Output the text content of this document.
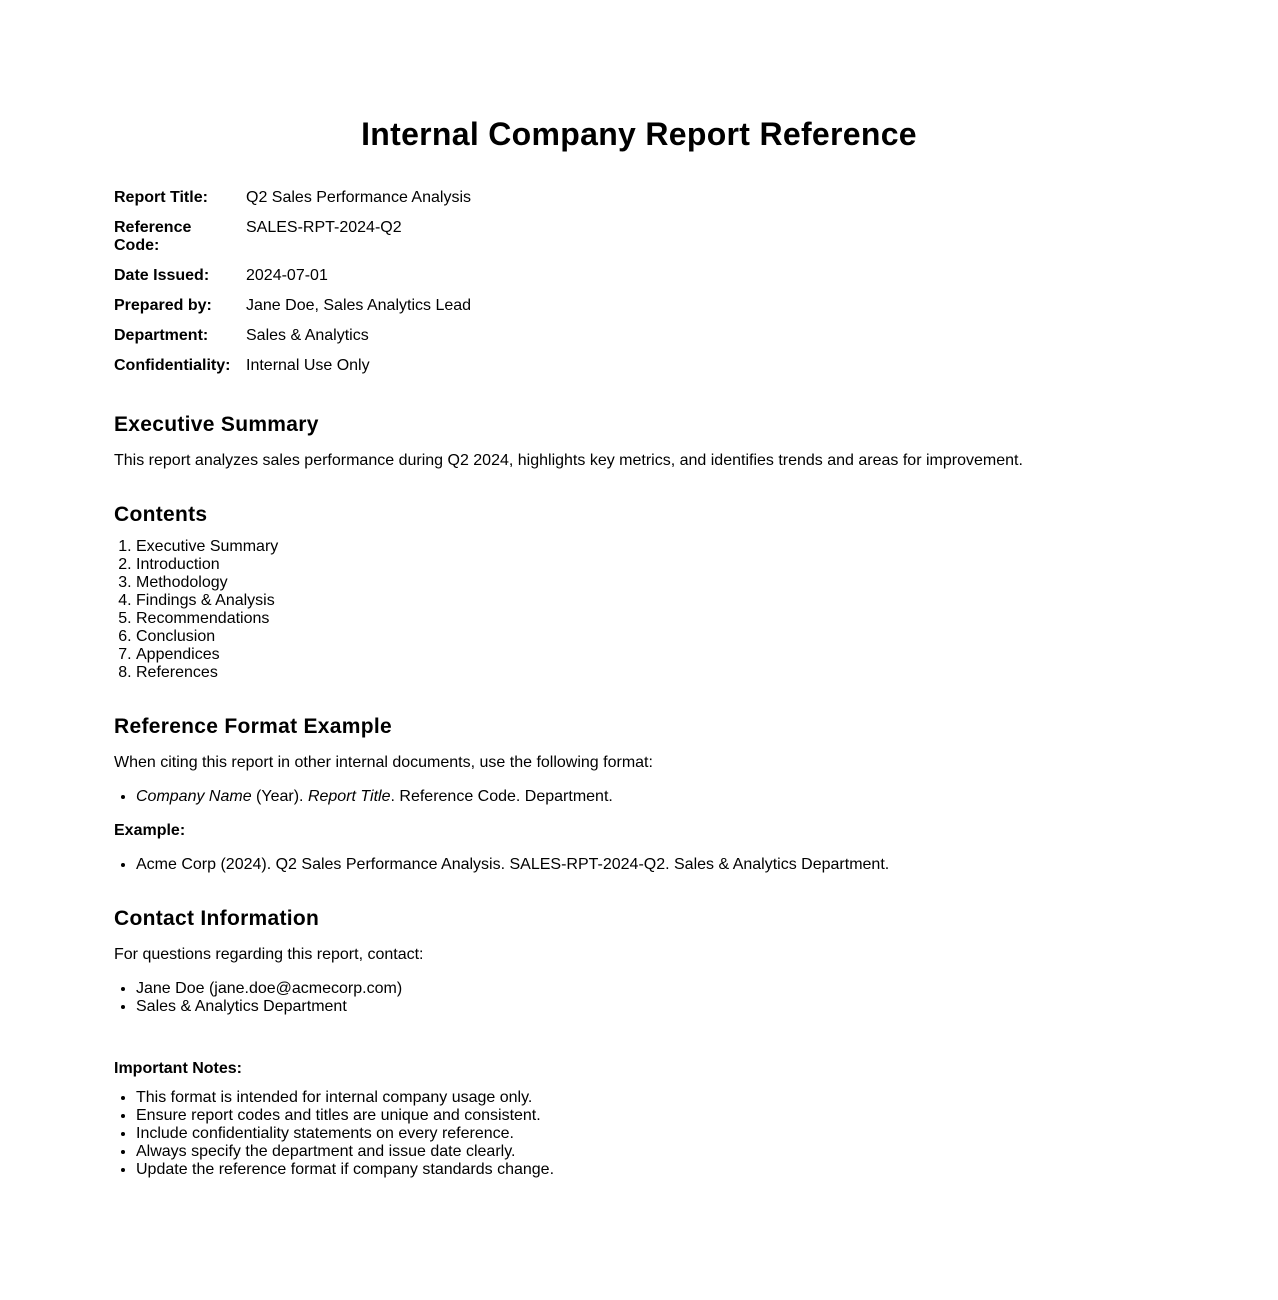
Internal Company Report Reference
Report Title:	Q2 Sales Performance Analysis
Reference
Code:	SALES-RPT-2024-Q2
Date Issued:	2024-07-01
Prepared by:	Jane Doe, Sales Analytics Lead
Department:	Sales & Analytics
Confidentiality:	Internal Use Only
Executive Summary

This report analyzes sales performance during Q2 2024, highlights key metrics, and identifies trends and areas for improvement.

Contents
1. Executive Summary
2. Introduction
3. Methodology
4. Findings & Analysis
5. Recommendations
6. Conclusion
7. Appendices
8. References
Reference Format Example

When citing this report in other internal documents, use the following format:

• Company Name (Year). Report Title. Reference Code. Department.

Example:

• Acme Corp (2024). Q2 Sales Performance Analysis. SALES-RPT-2024-Q2. Sales & Analytics Department.
Contact Information

For questions regarding this report, contact:

• Jane Doe (jane.doe@acmecorp.com)
• Sales & Analytics Department

Important Notes:

• This format is intended for internal company usage only.
• Ensure report codes and titles are unique and consistent.
• Include confidentiality statements on every reference.
• Always specify the department and issue date clearly.
• Update the reference format if company standards change.
